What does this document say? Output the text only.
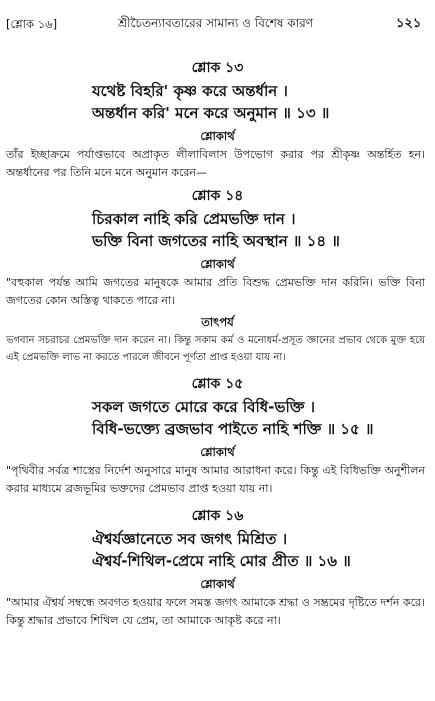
[শ্লোক ১৬]	শ্রীচৈতন্যাবতারের সামান্য ও বিশেষ কারণ	১২১
শ্লোক ১৩
যথেষ্ট বিহরি' কৃষ্ণ করে অন্তর্ধান ।
অন্তর্ধান করি' মনে করে অনুমান ॥ ১৩ ॥
শ্লোকার্থ
তাঁর ইচ্ছাক্রমে পর্যাপ্তভাবে অপ্রাকৃত লীলাবিলাস উপভোগ করার পর শ্রীকৃষ্ণ অন্তর্হিত হন। অন্তর্ধানের পর তিনি মনে মনে অনুমান করেন—
শ্লোক ১৪
চিরকাল নাহি করি প্রেমভক্তি দান ।
ভক্তি বিনা জগতের নাহি অবস্থান ॥ ১৪ ॥
শ্লোকার্থ
"বহুকাল পর্যন্ত আমি জগতের মানুষকে আমার প্রতি বিশুদ্ধ প্রেমভক্তি দান করিনি। ভক্তি বিনা জগতের কোন অস্তিত্ব থাকতে পারে না।
তাৎপর্য
ভগবান সচরাচর প্রেমভক্তি দান করেন না। কিন্তু সকাম কর্ম ও মনোধর্ম-প্রসূত জ্ঞানের প্রভাব থেকে মুক্ত হয়ে এই প্রেমভক্তি লাভ না করতে পারলে জীবনে পূর্ণতা প্রাপ্ত হওয়া যায় না।
শ্লোক ১৫
সকল জগতে মোরে করে বিধি-ভক্তি ।
বিধি-ভক্ত্যে ব্রজভাব পাইতে নাহি শক্তি ॥ ১৫ ॥
শ্লোকার্থ
"পৃথিবীর সর্বত্র শাস্ত্রের নির্দেশ অনুসারে মানুষ আমার আরাধনা করে। কিন্তু এই বিধিভক্তি অনুশীলন করার মাধ্যমে ব্রজভূমির ভক্তদের প্রেমভাব প্রাপ্ত হওয়া যায় না।
শ্লোক ১৬
ঐশ্বর্যজ্ঞানেতে সব জগৎ মিশ্রিত ।
ঐশ্বর্য-শিথিল-প্রেমে নাহি মোর প্রীত ॥ ১৬ ॥
শ্লোকার্থ
"আমার ঐশ্বর্য সম্বন্ধে অবগত হওয়ার ফলে সমস্ত জগৎ আমাকে শ্রদ্ধা ও সম্ভ্রমের দৃষ্টিতে দর্শন করে। কিন্তু শ্রদ্ধার প্রভাবে শিথিল যে প্রেম, তা আমাকে আকৃষ্ট করে না।
